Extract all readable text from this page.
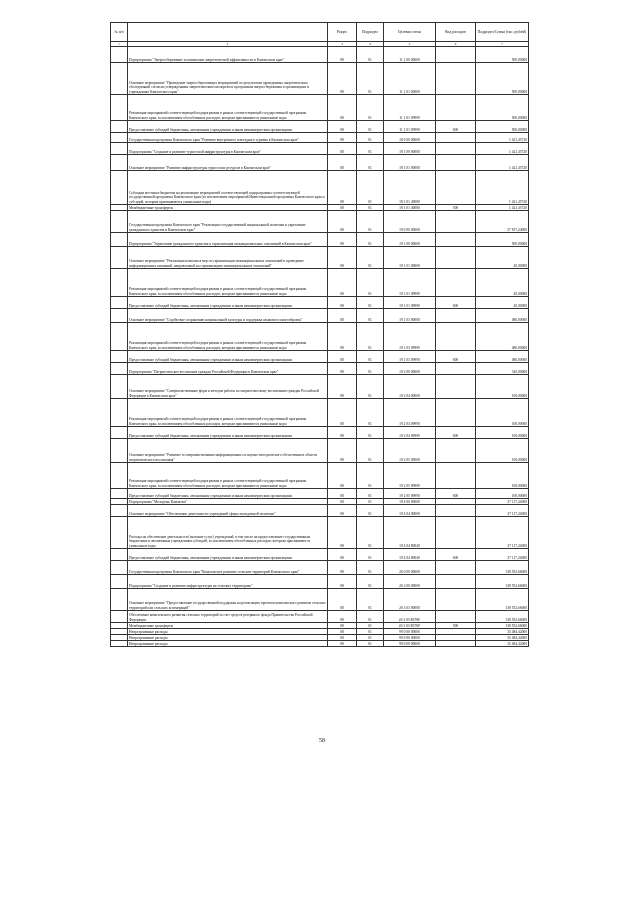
№ п/п		Раздел	Подраздел	Целевая статья	Вид расходов	Подраздел/Сумма (тыс. рублей)
1	2	3	4	5	6	7
	Подпрограмма "Энергосбережение и повышение энергетической эффективности в Камчатском крае"	08	01	11 1 00 00000		500,00000
	Основное мероприятие "Проведение энергосберегающих мероприятий по результатам проведенных энергетических обследований согласно утвержденным энергетическим паспортам и программам энергосбережения в организациях и учреждениях Камчатского края"	08	01	11 1 01 00000		500,00000
	Реализация мероприятий соответствующей подпрограммы в рамках соответствующей государственной программы Камчатского края, за исключением обособленных расходов, которым присваиваются уникальные коды	08	01	11 1 01 09990		500,00000
	Предоставление субсидий бюджетным, автономным учреждениям и иным некоммерческим организациям	08	01	11 1 01 09990	600	500,00000
	Государственная программа Камчатского края "Развитие внутреннего и въездного туризма в Камчатском крае"	08	01	18 0 00 00000		1 421,45720
	Подпрограмма "Создание и развитие туристской инфраструктуры в Камчатском крае"	08	01	18 1 00 00000		1 421,45720
	Основное мероприятие "Развитие инфраструктуры туристских ресурсов в Камчатском крае"	08	01	18 1 01 00000		1 421,45720
	Субсидии местным бюджетам на реализацию мероприятий соответствующей подпрограммы соответствующей государственной программы Камчатского края (за исключением мероприятий Инвестиционной программы Камчатского края и субсидий, которым присваиваются уникальные коды)	08	01	18 1 01 40080		1 421,45720
	Межбюджетные трансферты	08	01	18 1 01 40080	500	1 421,45720
	Государственная программа Камчатского края "Реализация государственной национальной политики и укрепление гражданского единства в Камчатском крае"	08	01	19 0 00 00000		37 817,24000
	Подпрограмма "Укрепление гражданского единства и гармонизация межнациональных отношений в Камчатском крае"	08	01	19 1 00 00000		500,00000
	Основное мероприятие "Реализация комплекса мер по гармонизации межнациональных отношений и проведение информационных кампаний, направленной на гармонизацию межнациональных отношений"	08	01	19 1 01 00000		20,00000
	Реализация мероприятий соответствующей подпрограммы в рамках соответствующей государственной программы Камчатского края, за исключением обособленных расходов, которым присваиваются уникальные коды	08	01	19 1 01 09990		20,00000
	Предоставление субсидий бюджетным, автономным учреждениям и иным некоммерческим организациям	08	01	19 1 01 09990	600	20,00000
	Основное мероприятие "Содействие сохранению национальной культуры и поддержка языкового многообразия"	08	01	19 1 03 00000		480,00000
	Реализация мероприятий соответствующей подпрограммы в рамках соответствующей государственной программы Камчатского края, за исключением обособленных расходов, которым присваиваются уникальные коды	08	01	19 1 03 09990		480,00000
	Предоставление субсидий бюджетным, автономным учреждениям и иным некоммерческим организациям	08	01	19 1 03 09990	600	480,00000
	Подпрограмма "Патриотическое воспитание граждан Российской Федерации в Камчатском крае"	08	01	19 2 00 00000		320,00000
	Основное мероприятие "Совершенствование форм и методов работы по патриотическому воспитанию граждан Российской Федерации в Камчатском крае"	08	01	19 2 04 00000		100,00000
	Реализация мероприятий соответствующей подпрограммы в рамках соответствующей государственной программы Камчатского края, за исключением обособленных расходов, которым присваиваются уникальные коды	08	01	19 2 04 09990		100,00000
	Предоставление субсидий бюджетным, автономным учреждениям и иным некоммерческим организациям	08	01	19 2 04 09990	600	100,00000
	Основное мероприятие "Развитие и совершенствование информационного и научно-методического обеспечения в области патриотического воспитания"	08	01	19 2 05 00000		100,00000
	Реализация мероприятий соответствующей подпрограммы в рамках соответствующей государственной программы Камчатского края, за исключением обособленных расходов, которым присваиваются уникальные коды	08	01	19 2 05 09990		100,00000
	Предоставление субсидий бюджетным, автономным учреждениям и иным некоммерческим организациям	08	01	19 2 05 09990	600	100,00000
	Подпрограмма "Молодежь Камчатки"	08	01	19 4 00 00000		37 117,24000
	Основное мероприятие "Обеспечение деятельности учреждений сферы молодежной политики"	08	01	19 4 04 00000		37 117,24000
	Расходы на обеспечение деятельности (оказание услуг) учреждений, в том числе на предоставление государственным бюджетным и автономным учреждениям субсидий, за исключением обособленных расходов, которым присваиваются уникальные коды	08	01	19 4 04 80040		37 117,24000
	Предоставление субсидий бюджетным, автономным учреждениям и иным некоммерческим организациям	08	01	19 4 04 80040	600	37 117,24000
	Государственная программа Камчатского края "Комплексное развитие сельских территорий Камчатского края"	08	01	26 0 00 00000		138 552,66000
	Подпрограмма "Создание и развитие инфраструктуры на сельских территориях"	08	01	26 3 00 00000		138 552,66000
	Основное мероприятие "Предоставление государственной поддержки на реализацию проектов комплексного развития сельских территорий или сельских агломераций"	08	01	26 3 03 00000		138 552,66000
	Обеспечение комплексного развития сельских территорий за счет средств резервного фонда Правительства Российской Федерации	08	01	26 3 03 R576F		138 552,66000
	Межбюджетные трансферты	08	01	26 3 03 R576F	500	138 552,66000
	Непрограммные расходы	08	01	99 0 00 00000		35 484,42000
	Непрограммные расходы	08	01	99 0 00 00000		35 484,42000
	Непрограммные расходы	08	01	99 0 00 00000		35 484,42000
58
